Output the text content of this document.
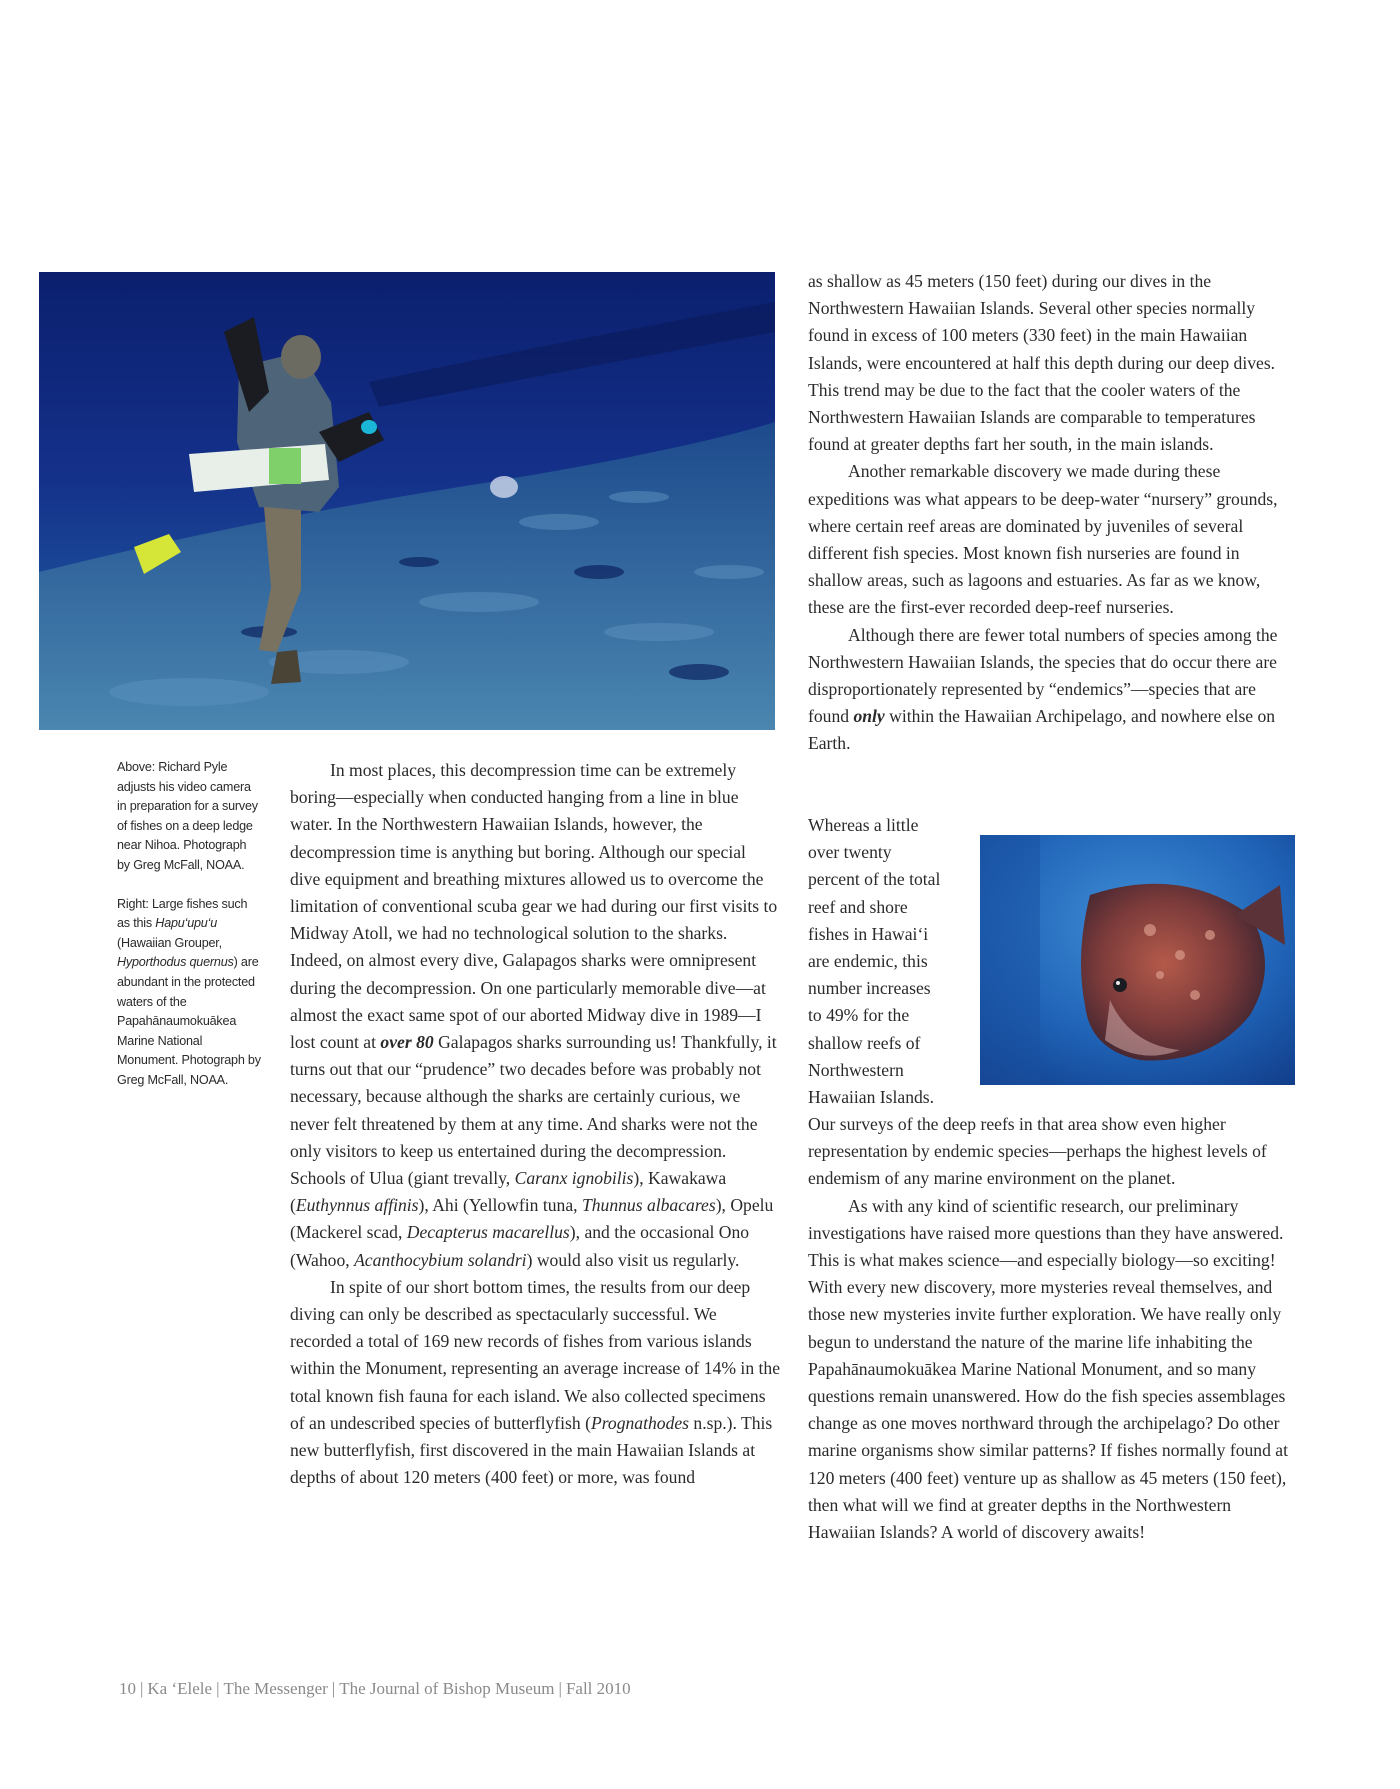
Above: Richard Pyle adjusts his video camera in preparation for a survey of fishes on a deep ledge near Nihoa. Photograph by Greg McFall, NOAA.

Right: Large fishes such as this Hapu‘upu‘u (Hawaiian Grouper, Hyporthodus quernus) are abundant in the protected waters of the Papahānaumokuākea Marine National Monument. Photograph by Greg McFall, NOAA.

In most places, this decompression time can be extremely boring—especially when conducted hanging from a line in blue water. In the Northwestern Hawaiian Islands, however, the decompression time is anything but boring. Although our special dive equipment and breathing mixtures allowed us to overcome the limitation of conventional scuba gear we had during our first visits to Midway Atoll, we had no technological solution to the sharks. Indeed, on almost every dive, Galapagos sharks were omnipresent during the decompression. On one particularly memorable dive—at almost the exact same spot of our aborted Midway dive in 1989—I lost count at over 80 Galapagos sharks surrounding us! Thankfully, it turns out that our “prudence” two decades before was probably not necessary, because although the sharks are certainly curious, we never felt threatened by them at any time. And sharks were not the only visitors to keep us entertained during the decompression. Schools of Ulua (giant trevally, Caranx ignobilis), Kawakawa (Euthynnus affinis), Ahi (Yellowfin tuna, Thunnus albacares), Opelu (Mackerel scad, Decapterus macarellus), and the occasional Ono (Wahoo, Acanthocybium solandri) would also visit us regularly.

In spite of our short bottom times, the results from our deep diving can only be described as spectacularly successful. We recorded a total of 169 new records of fishes from various islands within the Monument, representing an average increase of 14% in the total known fish fauna for each island. We also collected specimens of an undescribed species of butterflyfish (Prognathodes n.sp.). This new butterflyfish, first discovered in the main Hawaiian Islands at depths of about 120 meters (400 feet) or more, was found

as shallow as 45 meters (150 feet) during our dives in the Northwestern Hawaiian Islands. Several other species normally found in excess of 100 meters (330 feet) in the main Hawaiian Islands, were encountered at half this depth during our deep dives. This trend may be due to the fact that the cooler waters of the Northwestern Hawaiian Islands are comparable to temperatures found at greater depths fart her south, in the main islands.

Another remarkable discovery we made during these expeditions was what appears to be deep-water “nursery” grounds, where certain reef areas are dominated by juveniles of several different fish species. Most known fish nurseries are found in shallow areas, such as lagoons and estuaries. As far as we know, these are the first-ever recorded deep-reef nurseries.

Although there are fewer total numbers of species among the Northwestern Hawaiian Islands, the species that do occur there are disproportionately represented by “endemics”—species that are found only within the Hawaiian Archipelago, and nowhere else on Earth.

Whereas a little
over twenty
percent of the total
reef and shore
fishes in Hawai‘i
are endemic, this
number increases
to 49% for the
shallow reefs of
Northwestern
Hawaiian Islands.

Our surveys of the deep reefs in that area show even higher representation by endemic species—perhaps the highest levels of endemism of any marine environment on the planet.

As with any kind of scientific research, our preliminary investigations have raised more questions than they have answered. This is what makes science—and especially biology—so exciting! With every new discovery, more mysteries reveal themselves, and those new mysteries invite further exploration. We have really only begun to understand the nature of the marine life inhabiting the Papahānaumokuākea Marine National Monument, and so many questions remain unanswered. How do the fish species assemblages change as one moves northward through the archipelago? Do other marine organisms show similar patterns? If fishes normally found at 120 meters (400 feet) venture up as shallow as 45 meters (150 feet), then what will we find at greater depths in the Northwestern Hawaiian Islands? A world of discovery awaits!

10 | Ka ‘Elele | The Messenger | The Journal of Bishop Museum | Fall 2010
